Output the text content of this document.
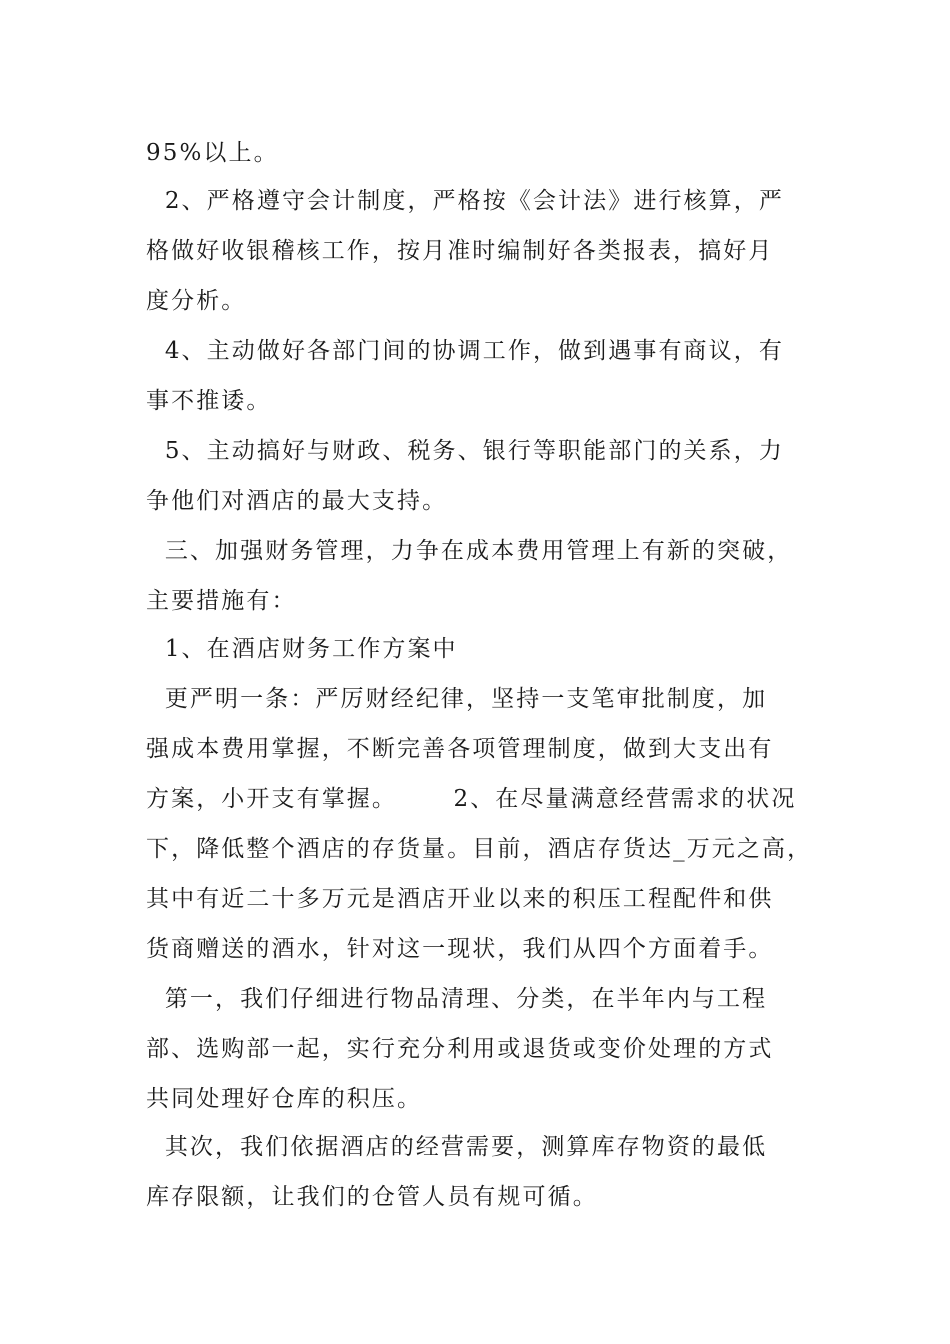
95%以上。
2、严格遵守会计制度，严格按《会计法》进行核算，严
格做好收银稽核工作，按月准时编制好各类报表，搞好月
度分析。
4、主动做好各部门间的协调工作，做到遇事有商议，有
事不推诿。
5、主动搞好与财政、税务、银行等职能部门的关系，力
争他们对酒店的最大支持。
三、加强财务管理，力争在成本费用管理上有新的突破，
主要措施有：
1、在酒店财务工作方案中
更严明一条：严厉财经纪律，坚持一支笔审批制度，加
强成本费用掌握，不断完善各项管理制度，做到大支出有
方案，小开支有掌握。      2、在尽量满意经营需求的状况
下，降低整个酒店的存货量。目前，酒店存货达_万元之高，
其中有近二十多万元是酒店开业以来的积压工程配件和供
货商赠送的酒水，针对这一现状，我们从四个方面着手。
第一，我们仔细进行物品清理、分类，在半年内与工程
部、选购部一起，实行充分利用或退货或变价处理的方式
共同处理好仓库的积压。
其次，我们依据酒店的经营需要，测算库存物资的最低
库存限额，让我们的仓管人员有规可循。
